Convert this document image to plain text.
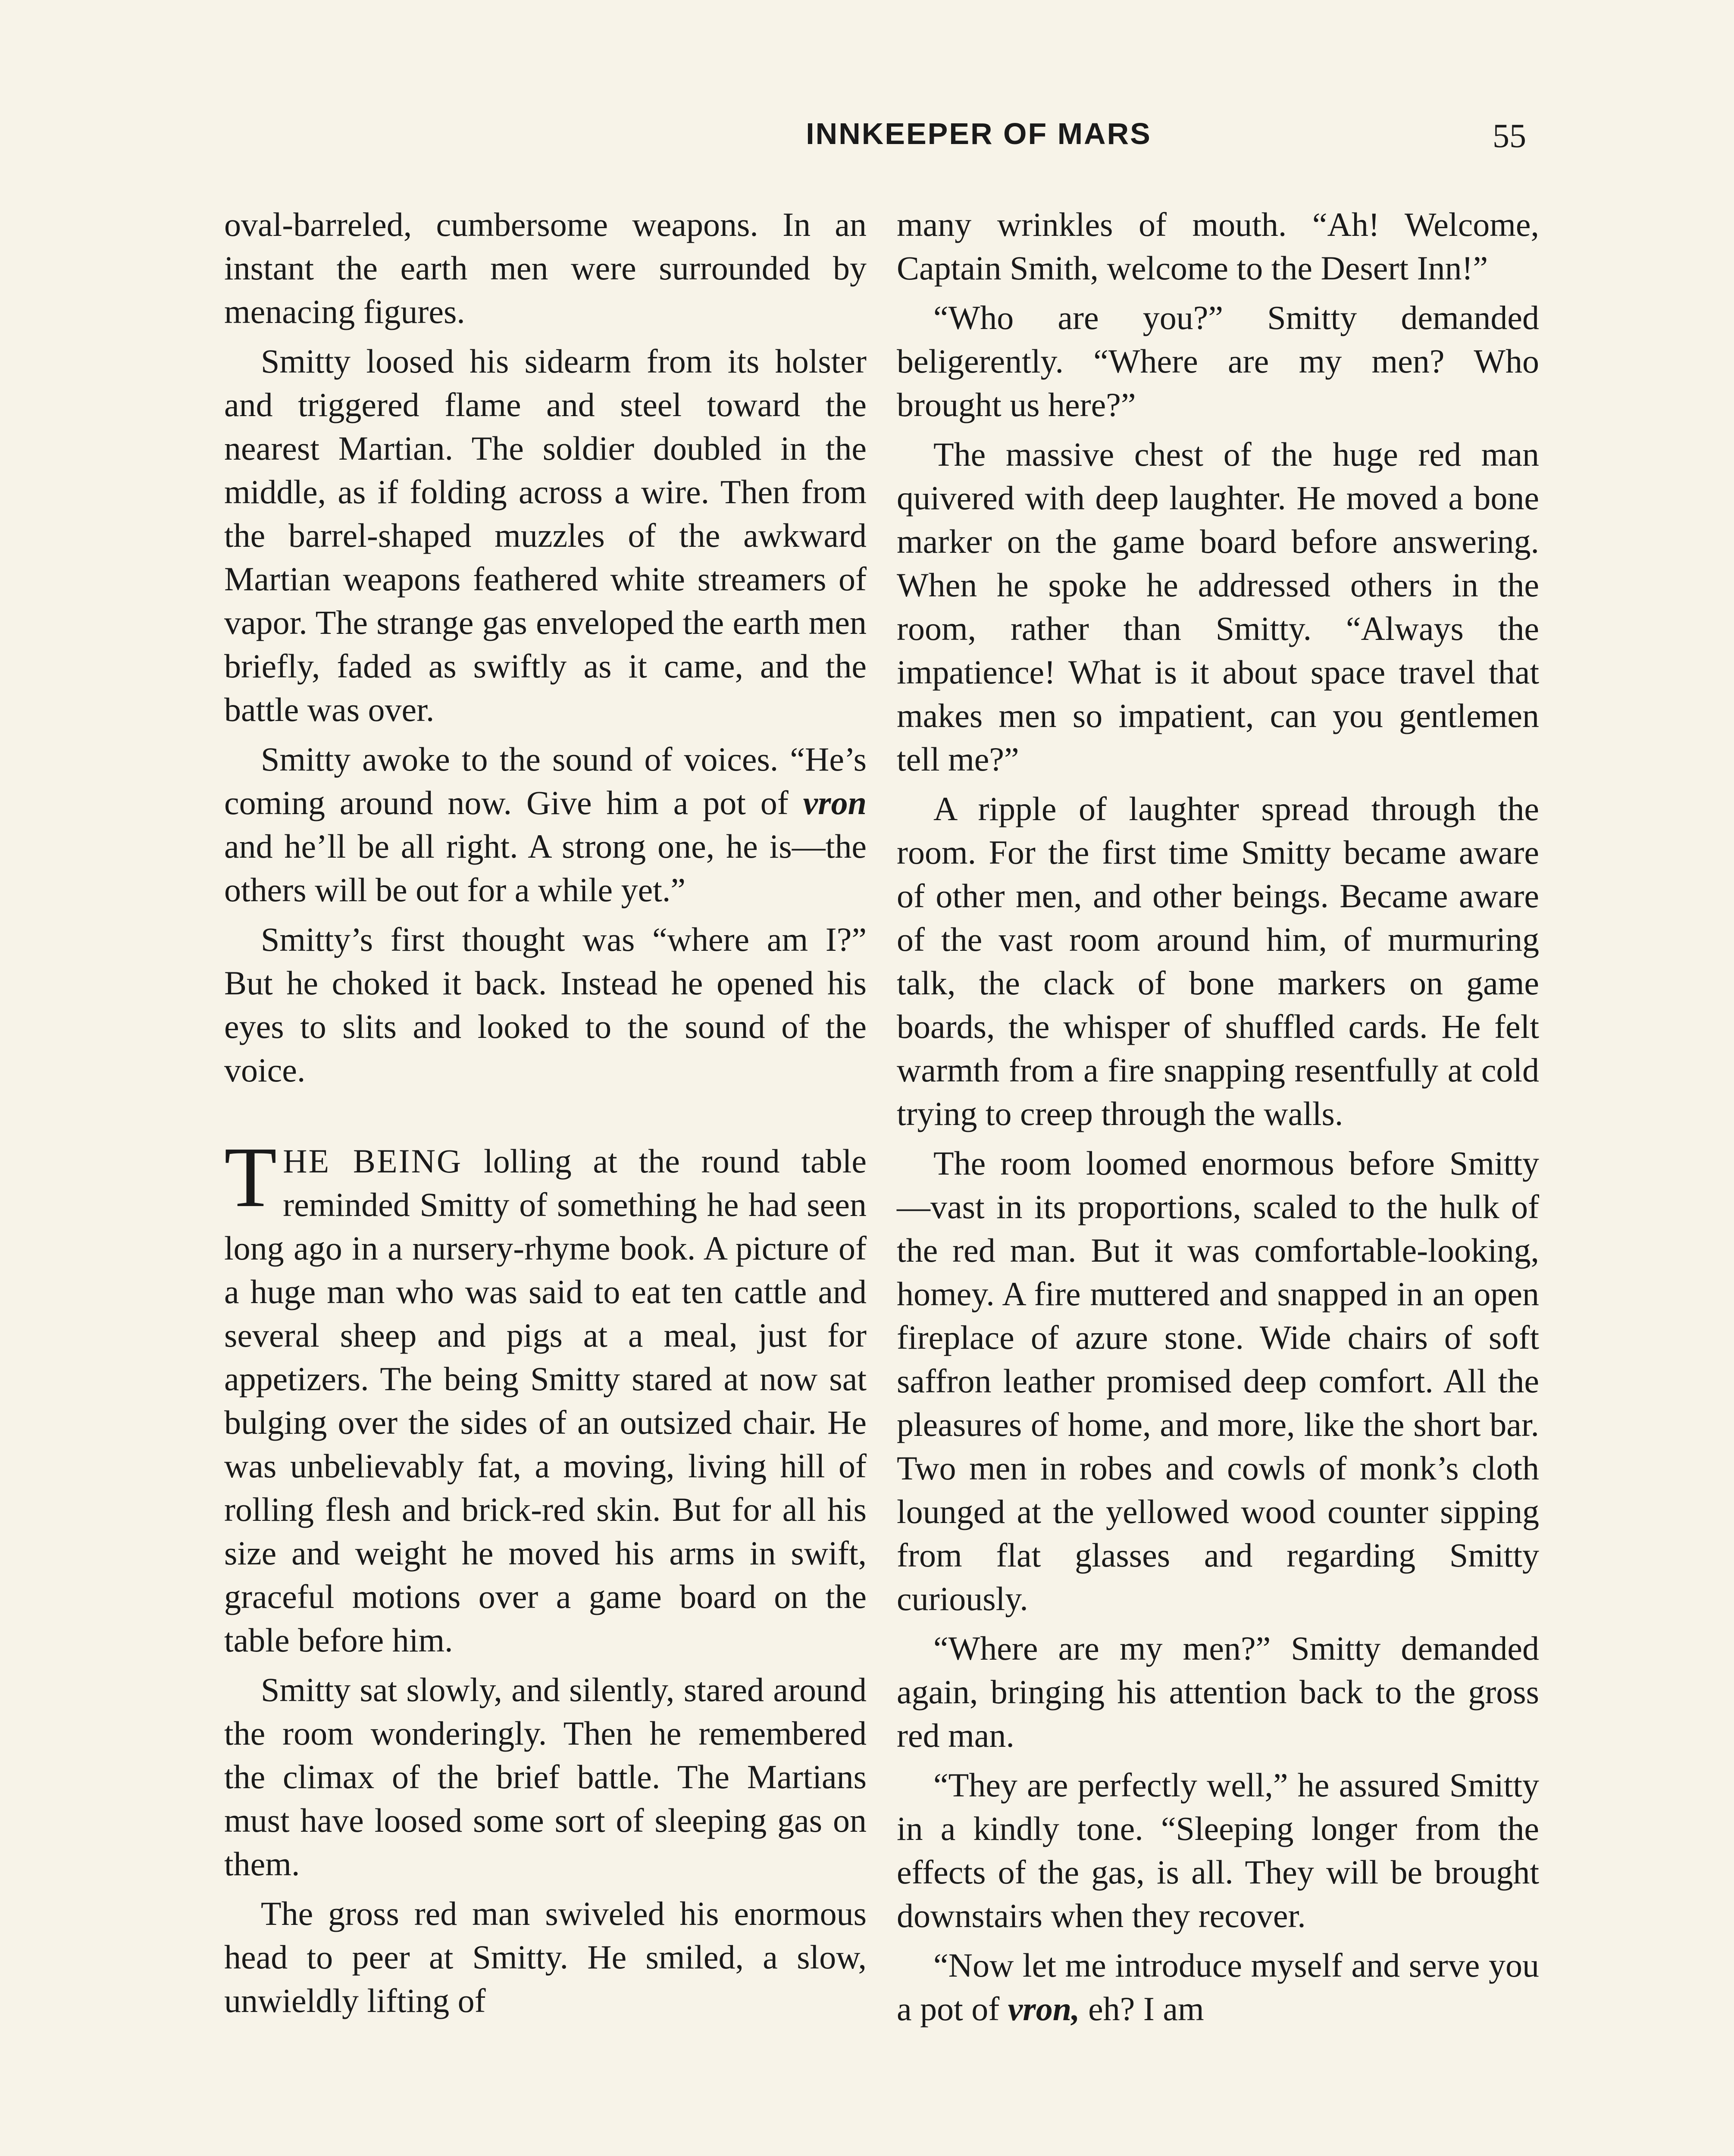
INNKEEPER OF MARS	55

oval-barreled, cumbersome weapons. In an instant the earth men were surrounded by menacing figures.

Smitty loosed his sidearm from its holster and triggered flame and steel toward the nearest Martian. The soldier doubled in the middle, as if folding across a wire. Then from the barrel-shaped muzzles of the awkward Martian weapons feathered white streamers of vapor. The strange gas enveloped the earth men briefly, faded as swiftly as it came, and the battle was over.

Smitty awoke to the sound of voices. “He’s coming around now. Give him a pot of vron and he’ll be all right. A strong one, he is—the others will be out for a while yet.”

Smitty’s first thought was “where am I?” But he choked it back. Instead he opened his eyes to slits and looked to the sound of the voice.

THE BEING lolling at the round table reminded Smitty of something he had seen long ago in a nursery-rhyme book. A picture of a huge man who was said to eat ten cattle and several sheep and pigs at a meal, just for appetizers. The being Smitty stared at now sat bulging over the sides of an outsized chair. He was unbelievably fat, a moving, living hill of rolling flesh and brick-red skin. But for all his size and weight he moved his arms in swift, graceful motions over a game board on the table before him.

Smitty sat slowly, and silently, stared around the room wonderingly. Then he remembered the climax of the brief battle. The Martians must have loosed some sort of sleeping gas on them.

The gross red man swiveled his enormous head to peer at Smitty. He smiled, a slow, unwieldly lifting of

many wrinkles of mouth. “Ah! Welcome, Captain Smith, welcome to the Desert Inn!”

“Who are you?” Smitty demanded beligerently. “Where are my men? Who brought us here?”

The massive chest of the huge red man quivered with deep laughter. He moved a bone marker on the game board before answering. When he spoke he addressed others in the room, rather than Smitty. “Always the impatience! What is it about space travel that makes men so impatient, can you gentlemen tell me?”

A ripple of laughter spread through the room. For the first time Smitty became aware of other men, and other beings. Became aware of the vast room around him, of murmuring talk, the clack of bone markers on game boards, the whisper of shuffled cards. He felt warmth from a fire snapping resentfully at cold trying to creep through the walls.

The room loomed enormous before Smitty—vast in its proportions, scaled to the hulk of the red man. But it was comfortable-looking, homey. A fire muttered and snapped in an open fireplace of azure stone. Wide chairs of soft saffron leather promised deep comfort. All the pleasures of home, and more, like the short bar. Two men in robes and cowls of monk’s cloth lounged at the yellowed wood counter sipping from flat glasses and regarding Smitty curiously.

“Where are my men?” Smitty demanded again, bringing his attention back to the gross red man.

“They are perfectly well,” he assured Smitty in a kindly tone. “Sleeping longer from the effects of the gas, is all. They will be brought downstairs when they recover.

“Now let me introduce myself and serve you a pot of vron, eh? I am
